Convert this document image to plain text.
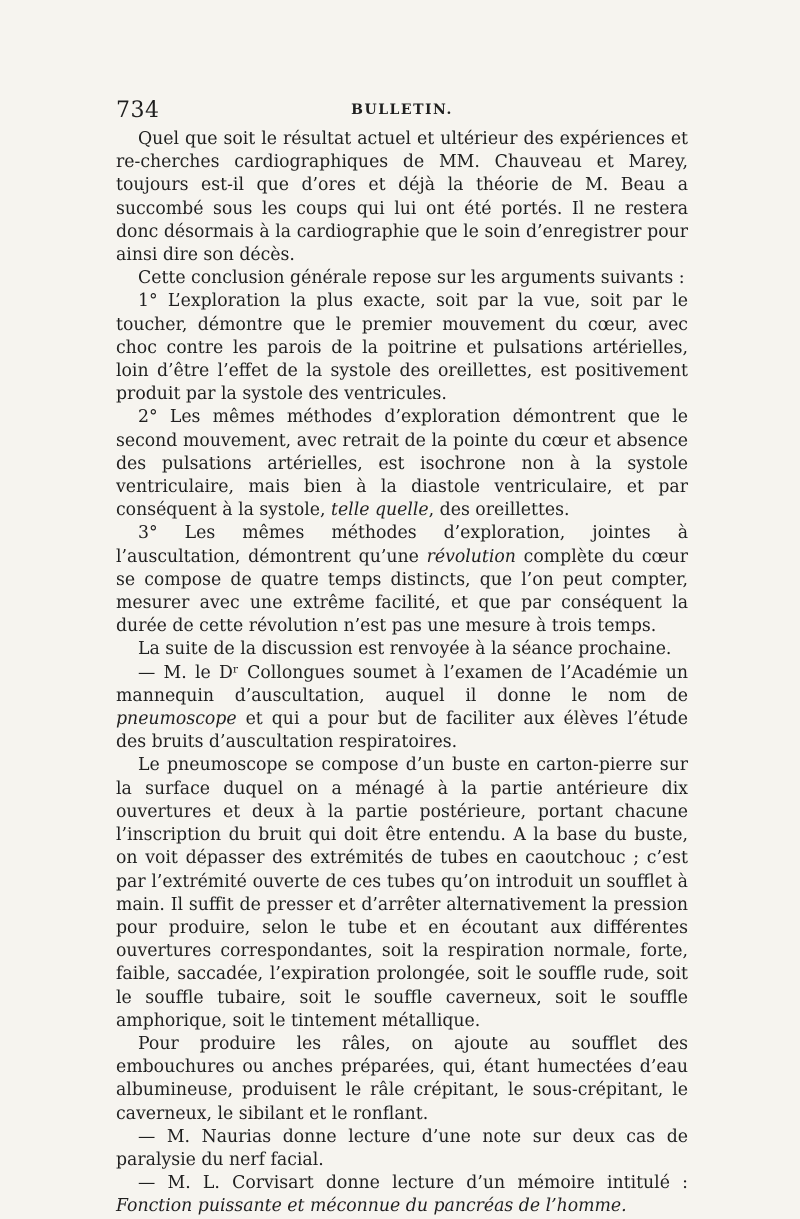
734	BULLETIN.

Quel que soit le résultat actuel et ultérieur des expériences et re-cherches cardiographiques de MM. Chauveau et Marey, toujours est-il que d’ores et déjà la théorie de M. Beau a succombé sous les coups qui lui ont été portés. Il ne restera donc désormais à la cardiographie que le soin d’enregistrer pour ainsi dire son décès.

Cette conclusion générale repose sur les arguments suivants :

1° L’exploration la plus exacte, soit par la vue, soit par le toucher, démontre que le premier mouvement du cœur, avec choc contre les parois de la poitrine et pulsations artérielles, loin d’être l’effet de la systole des oreillettes, est positivement produit par la systole des ventricules.

2° Les mêmes méthodes d’exploration démontrent que le second mouvement, avec retrait de la pointe du cœur et absence des pulsations artérielles, est isochrone non à la systole ventriculaire, mais bien à la diastole ventriculaire, et par conséquent à la systole, telle quelle, des oreillettes.

3° Les mêmes méthodes d’exploration, jointes à l’auscultation, démontrent qu’une révolution complète du cœur se compose de quatre temps distincts, que l’on peut compter, mesurer avec une extrême facilité, et que par conséquent la durée de cette révolution n’est pas une mesure à trois temps.

La suite de la discussion est renvoyée à la séance prochaine.

— M. le Dʳ Collongues soumet à l’examen de l’Académie un mannequin d’auscultation, auquel il donne le nom de pneumoscope et qui a pour but de faciliter aux élèves l’étude des bruits d’auscultation respiratoires.

Le pneumoscope se compose d’un buste en carton-pierre sur la surface duquel on a ménagé à la partie antérieure dix ouvertures et deux à la partie postérieure, portant chacune l’inscription du bruit qui doit être entendu. A la base du buste, on voit dépasser des extrémités de tubes en caoutchouc ; c’est par l’extrémité ouverte de ces tubes qu’on introduit un soufflet à main. Il suffit de presser et d’arrêter alternativement la pression pour produire, selon le tube et en écoutant aux différentes ouvertures correspondantes, soit la respiration normale, forte, faible, saccadée, l’expiration prolongée, soit le souffle rude, soit le souffle tubaire, soit le souffle caverneux, soit le souffle amphorique, soit le tintement métallique.

Pour produire les râles, on ajoute au soufflet des embouchures ou anches préparées, qui, étant humectées d’eau albumineuse, produisent le râle crépitant, le sous-crépitant, le caverneux, le sibilant et le ronflant.

— M. Naurias donne lecture d’une note sur deux cas de paralysie du nerf facial.

— M. L. Corvisart donne lecture d’un mémoire intitulé : Fonction puissante et méconnue du pancréas de l’homme.
